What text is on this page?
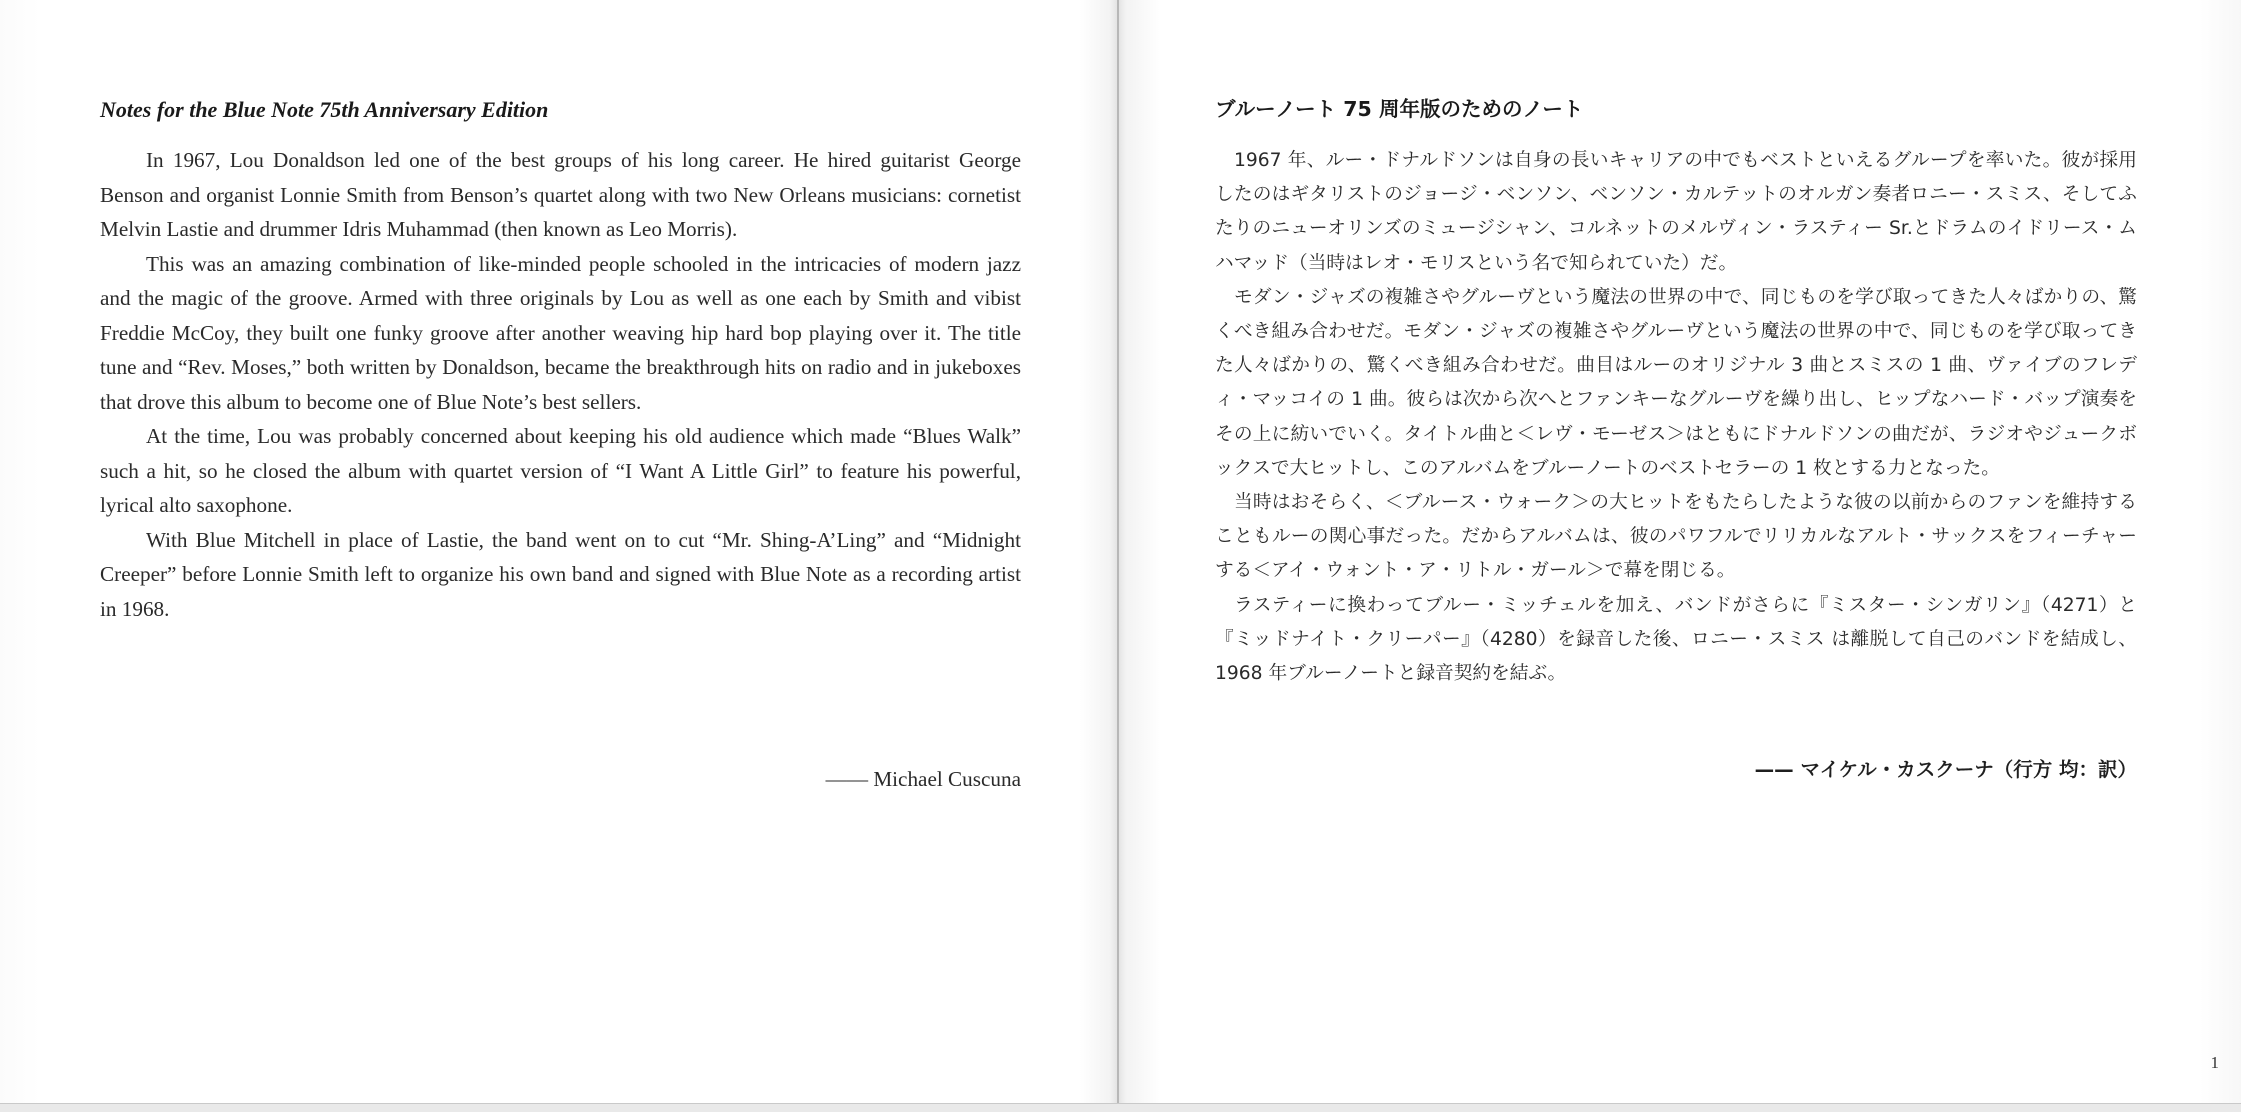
Notes for the Blue Note 75th Anniversary Edition

In 1967, Lou Donaldson led one of the best groups of his long career. He hired guitarist George Benson and organist Lonnie Smith from Benson’s quartet along with two New Orleans musicians: cornetist Melvin Lastie and drummer Idris Muhammad (then known as Leo Morris).

This was an amazing combination of like-minded people schooled in the intricacies of modern jazz and the magic of the groove. Armed with three originals by Lou as well as one each by Smith and vibist Freddie McCoy, they built one funky groove after another weaving hip hard bop playing over it. The title tune and “Rev. Moses,” both written by Donaldson, became the breakthrough hits on radio and in jukeboxes that drove this album to become one of Blue Note’s best sellers.

At the time, Lou was probably concerned about keeping his old audience which made “Blues Walk” such a hit, so he closed the album with quartet version of “I Want A Little Girl” to feature his powerful, lyrical alto saxophone.

With Blue Mitchell in place of Lastie, the band went on to cut “Mr. Shing-A’Ling” and “Midnight Creeper” before Lonnie Smith left to organize his own band and signed with Blue Note as a recording artist in 1968.

—— Michael Cuscuna
ブルーノート 75 周年版のためのノート

1967 年、ルー・ドナルドソンは自身の長いキャリアの中でもベストといえるグループを率いた。彼が採用したのはギタリストのジョージ・ベンソン、ベンソン・カルテットのオルガン奏者ロニー・スミス、そしてふたりのニューオリンズのミュージシャン、コルネットのメルヴィン・ラスティー Sr.とドラムのイドリース・ムハマッド（当時はレオ・モリスという名で知られていた）だ。

モダン・ジャズの複雑さやグルーヴという魔法の世界の中で、同じものを学び取ってきた人々ばかりの、驚くべき組み合わせだ。モダン・ジャズの複雑さやグルーヴという魔法の世界の中で、同じものを学び取ってきた人々ばかりの、驚くべき組み合わせだ。曲目はルーのオリジナル 3 曲とスミスの 1 曲、ヴァイブのフレディ・マッコイの 1 曲。彼らは次から次へとファンキーなグルーヴを繰り出し、ヒップなハード・バップ演奏をその上に紡いでいく。タイトル曲と＜レヴ・モーゼス＞はともにドナルドソンの曲だが、ラジオやジュークボックスで大ヒットし、このアルバムをブルーノートのベストセラーの 1 枚とする力となった。

当時はおそらく、＜ブルース・ウォーク＞の大ヒットをもたらしたような彼の以前からのファンを維持することもルーの関心事だった。だからアルバムは、彼のパワフルでリリカルなアルト・サックスをフィーチャーする＜アイ・ウォント・ア・リトル・ガール＞で幕を閉じる。

ラスティーに換わってブルー・ミッチェルを加え、バンドがさらに『ミスター・シンガリン』（4271）と『ミッドナイト・クリーパー』（4280）を録音した後、ロニー・スミス は離脱して自己のバンドを結成し、1968 年ブルーノートと録音契約を結ぶ。

—— マイケル・カスクーナ（行方 均：訳）
1
